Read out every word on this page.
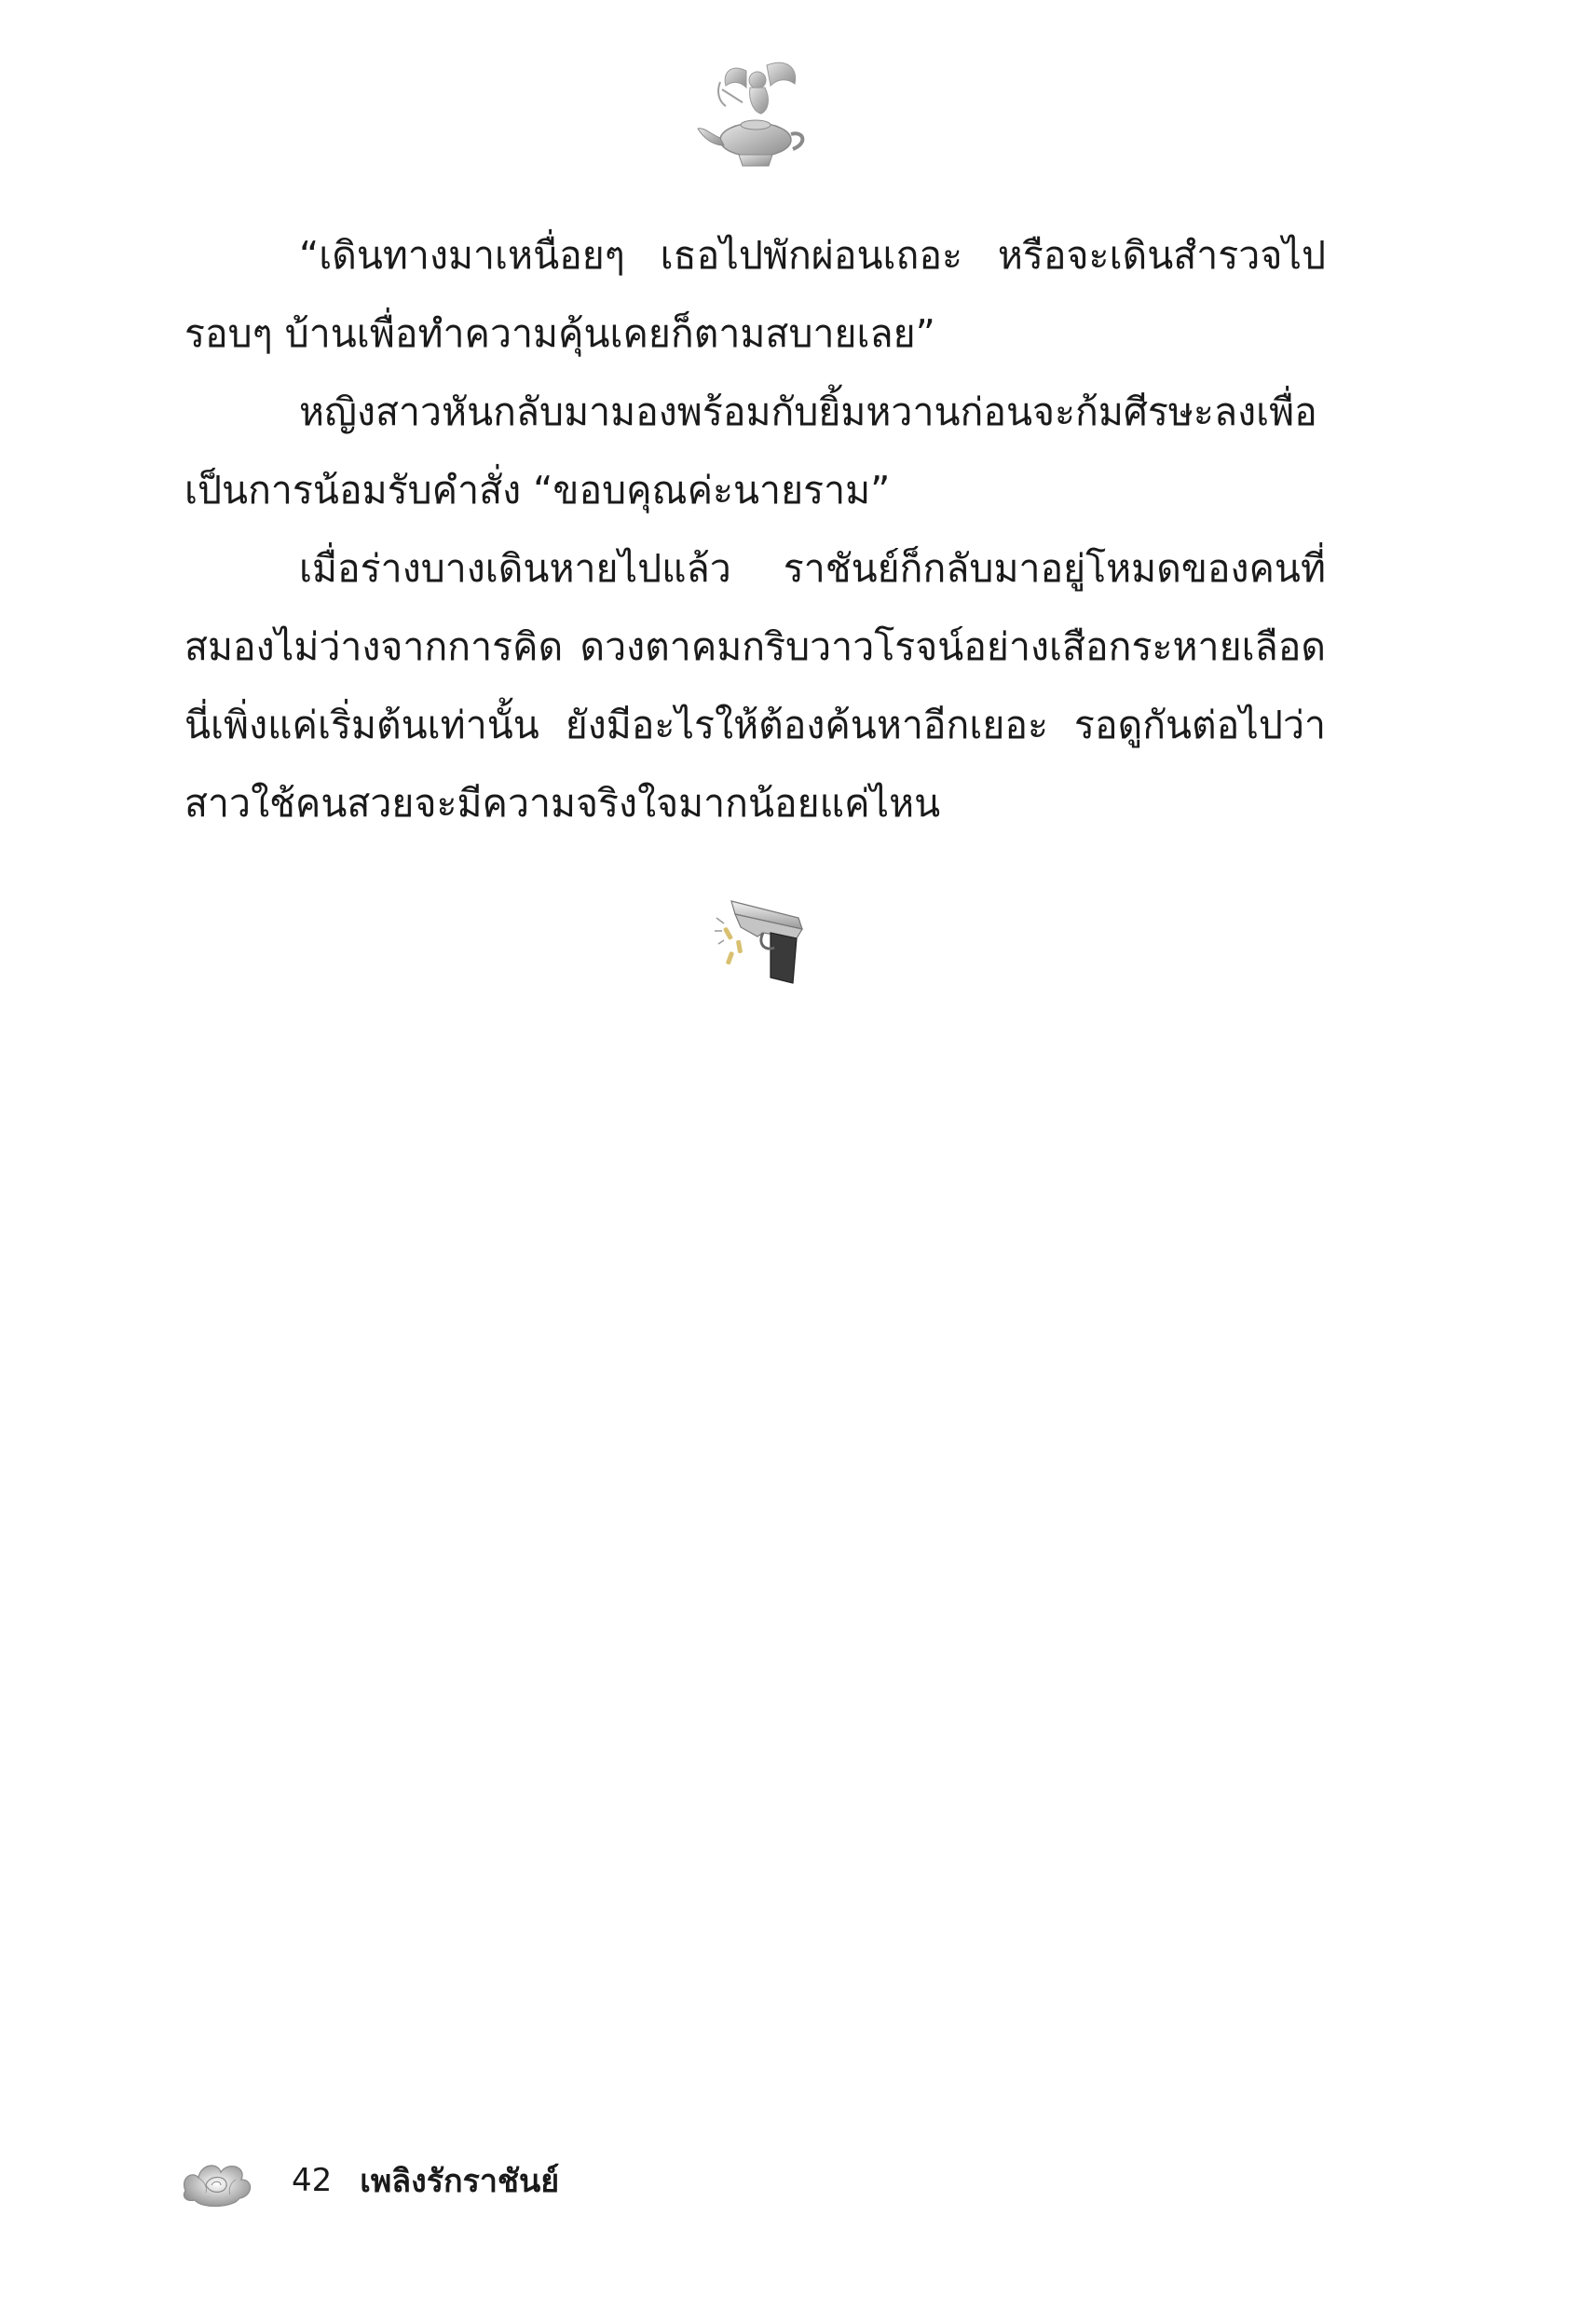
“เดินทางมาเหนื่อยๆ เธอไปพักผ่อนเถอะ หรือจะเดินสำรวจไปรอบๆ บ้านเพื่อทำความคุ้นเคยก็ตามสบายเลย”

หญิงสาวหันกลับมามองพร้อมกับยิ้มหวานก่อนจะก้มศีรษะลงเพื่อเป็นการน้อมรับคำสั่ง “ขอบคุณค่ะนายราม”

เมื่อร่างบางเดินหายไปแล้ว ราชันย์ก็กลับมาอยู่โหมดของคนที่สมองไม่ว่างจากการคิด ดวงตาคมกริบวาวโรจน์อย่างเสือกระหายเลือด นี่เพิ่งแค่เริ่มต้นเท่านั้น ยังมีอะไรให้ต้องค้นหาอีกเยอะ รอดูกันต่อไปว่าสาวใช้คนสวยจะมีความจริงใจมากน้อยแค่ไหน

42 เพลิงรักราชันย์
